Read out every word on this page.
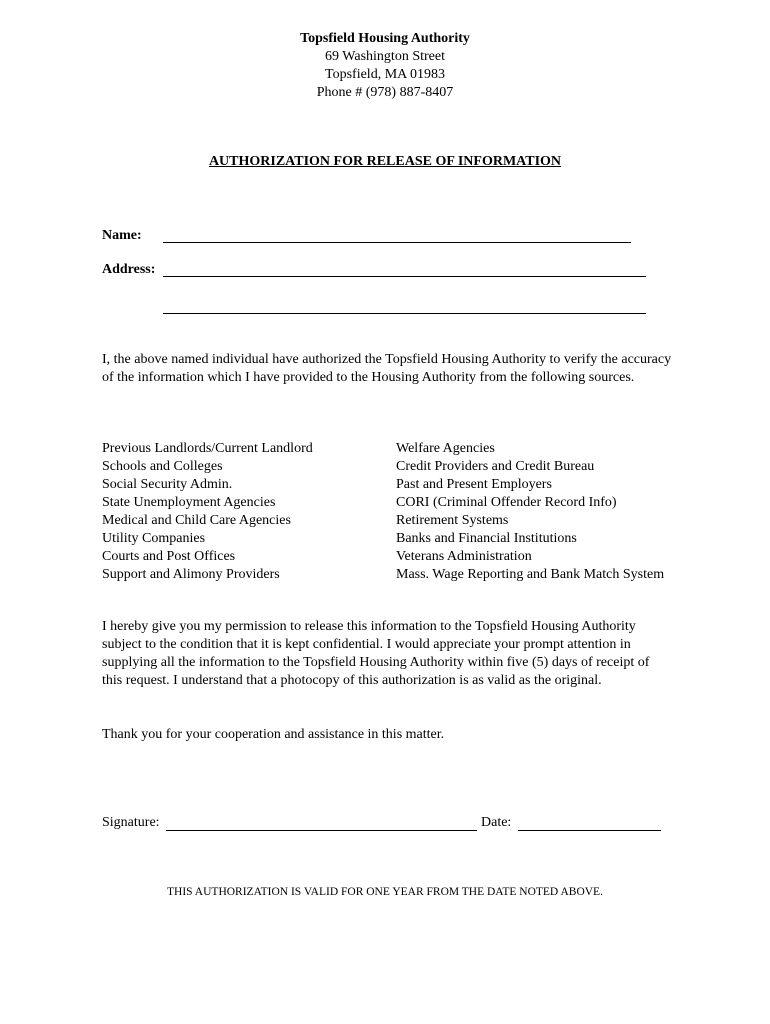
Topsfield Housing Authority
69 Washington Street
Topsfield, MA 01983
Phone # (978) 887-8407
AUTHORIZATION FOR RELEASE OF INFORMATION
Name:
Address:
I, the above named individual have authorized the Topsfield Housing Authority to verify the accuracy of the information which I have provided to the Housing Authority from the following sources.
Previous Landlords/Current Landlord
Schools and Colleges
Social Security Admin.
State Unemployment Agencies
Medical and Child Care Agencies
Utility Companies
Courts and Post Offices
Support and Alimony Providers
Welfare Agencies
Credit Providers and Credit Bureau
Past and Present Employers
CORI (Criminal Offender Record Info)
Retirement Systems
Banks and Financial Institutions
Veterans Administration
Mass. Wage Reporting and Bank Match System
I hereby give you my permission to release this information to the Topsfield Housing Authority subject to the condition that it is kept confidential. I would appreciate your prompt attention in supplying all the information to the Topsfield Housing Authority within five (5) days of receipt of this request. I understand that a photocopy of this authorization is as valid as the original.
Thank you for your cooperation and assistance in this matter.
Signature:	Date:
THIS AUTHORIZATION IS VALID FOR ONE YEAR FROM THE DATE NOTED ABOVE.
